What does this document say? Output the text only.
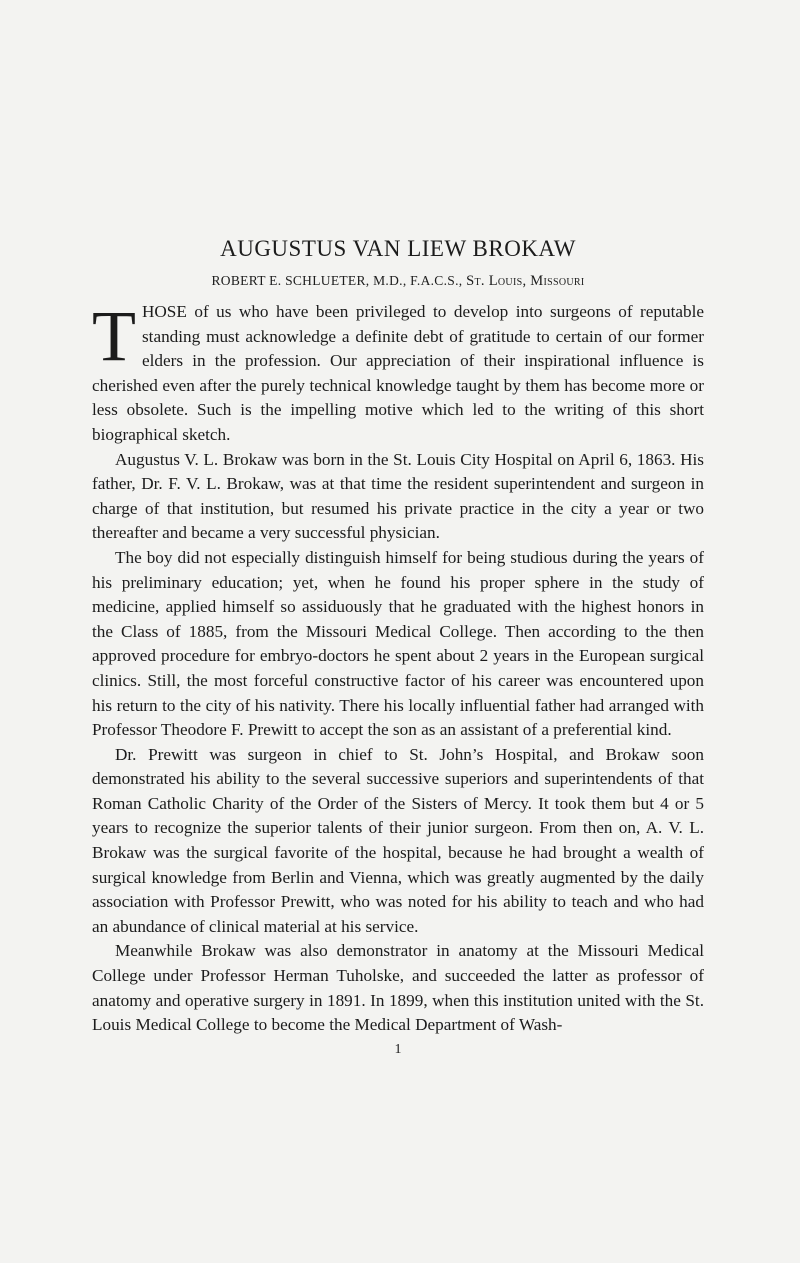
AUGUSTUS VAN LIEW BROKAW
ROBERT E. SCHLUETER, M.D., F.A.C.S., St. Louis, Missouri

THOSE of us who have been privileged to develop into surgeons of reputable standing must acknowledge a definite debt of gratitude to certain of our former elders in the profession. Our appreciation of their inspirational influence is cherished even after the purely technical knowledge taught by them has become more or less obsolete. Such is the impelling motive which led to the writing of this short biographical sketch.

Augustus V. L. Brokaw was born in the St. Louis City Hospital on April 6, 1863. His father, Dr. F. V. L. Brokaw, was at that time the resident superintendent and surgeon in charge of that institution, but resumed his private practice in the city a year or two thereafter and became a very successful physician.

The boy did not especially distinguish himself for being studious during the years of his preliminary education; yet, when he found his proper sphere in the study of medicine, applied himself so assiduously that he graduated with the highest honors in the Class of 1885, from the Missouri Medical College. Then according to the then approved procedure for embryo-doctors he spent about 2 years in the European surgical clinics. Still, the most forceful constructive factor of his career was encountered upon his return to the city of his nativity. There his locally influential father had arranged with Professor Theodore F. Prewitt to accept the son as an assistant of a preferential kind.

Dr. Prewitt was surgeon in chief to St. John’s Hospital, and Brokaw soon demonstrated his ability to the several successive superiors and superintendents of that Roman Catholic Charity of the Order of the Sisters of Mercy. It took them but 4 or 5 years to recognize the superior talents of their junior surgeon. From then on, A. V. L. Brokaw was the surgical favorite of the hospital, because he had brought a wealth of surgical knowledge from Berlin and Vienna, which was greatly augmented by the daily association with Professor Prewitt, who was noted for his ability to teach and who had an abundance of clinical material at his service.

Meanwhile Brokaw was also demonstrator in anatomy at the Missouri Medical College under Professor Herman Tuholske, and succeeded the latter as professor of anatomy and operative surgery in 1891. In 1899, when this institution united with the St. Louis Medical College to become the Medical Department of Wash-

1
